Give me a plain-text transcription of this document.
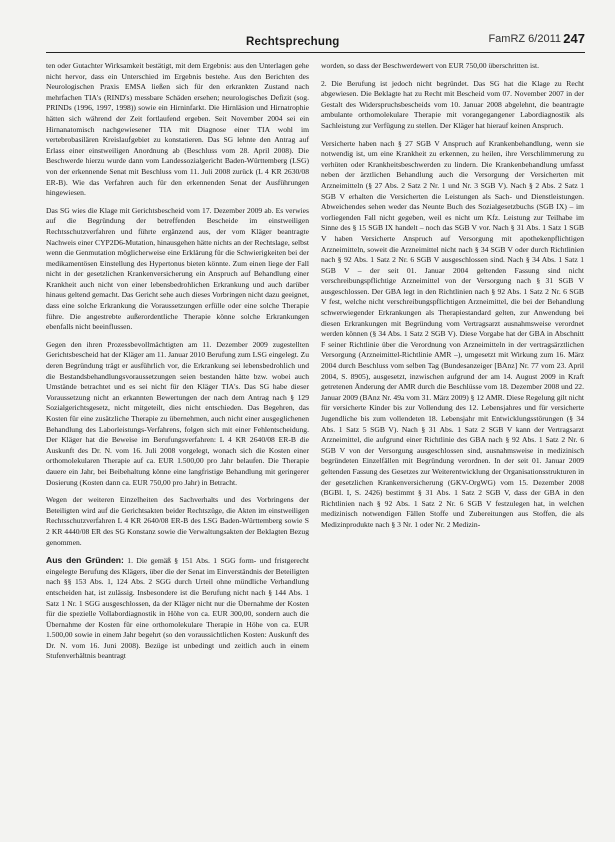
Rechtsprechung	FamRZ 6/2011 247

ten oder Gutachter Wirksamkeit bestätigt, mit dem Ergebnis: aus den Unterlagen gehe nicht hervor, dass ein Unterschied im Ergebnis bestehe. Aus den Berichten des Neurologischen Praxis EMSA ließen sich für den erkrankten Zustand nach mehrfachen TIA's (RIND's) messbare Schäden ersehen; neurologisches Defizit (sog. PRINDs (1996, 1997, 1998)) sowie ein Hirninfarkt. Die Hirnläsion und Hirnatrophie hätten sich während der Zeit fortlaufend ergeben. Seit November 2004 sei ein Hirnanatomisch nachgewiesener TIA mit Diagnose einer TIA wohl im vertebrobasilären Kreislaufgebiet zu konstatieren. Das SG lehnte den Antrag auf Erlass einer einstweiligen Anordnung ab (Beschluss vom 28. April 2008). Die Beschwerde hierzu wurde dann vom Landessozialgericht Baden-Württemberg (LSG) von der erkennende Senat mit Beschluss vom 11. Juli 2008 zurück (L 4 KR 2630/08 ER-B). Wie das Verfahren auch für den erkennenden Senat der Ausführungen hingewiesen.

Das SG wies die Klage mit Gerichtsbescheid vom 17. Dezember 2009 ab. Es verwies auf die Begründung der betreffenden Bescheide im einstweiligen Rechtsschutzverfahren und führte ergänzend aus, der vom Kläger beantragte Nachweis einer CYP2D6-Mutation, hinausgehen hätte nichts an der Rechtslage, selbst wenn die Genmutation möglicherweise eine Erklärung für die Schwierigkeiten bei der medikamentösen Einstellung des Hypertonus bieten könnte. Zum einen liege der Fall nicht in der gesetzlichen Krankenversicherung ein Anspruch auf Behandlung einer Krankheit auch nicht von einer lebensbedrohlichen Erkrankung und auch darüber hinaus geltend gemacht. Das Gericht sehe auch dieses Vorbringen nicht dazu geeignet, dass eine solche Erkrankung die Voraussetzungen erfülle oder eine solche Therapie führe. Die angestrebte außerordentliche Therapie könne solche Erkrankungen ebenfalls nicht beeinflussen.

Gegen den ihren Prozessbevollmächtigten am 11. Dezember 2009 zugestellten Gerichtsbescheid hat der Kläger am 11. Januar 2010 Berufung zum LSG eingelegt. Zu deren Begründung trägt er ausführlich vor, die Erkrankung sei lebensbedrohlich und die Bestandsbehandlungsvoraussetzungen seien bestanden hätte bzw. wobei auch Umstände betrachtet und es sei nicht für den Kläger TIA's. Das SG habe dieser Voraussetzung nicht an erkannten Bewertungen der nach dem Antrag nach § 129 Sozialgerichtsgesetz, nicht mitgeteilt, dies nicht entschieden. Das Begehren, das Kosten für eine zusätzliche Therapie zu übernehmen, auch nicht einer ausgeglichenen Behandlung des Laborleistungs-Verfahrens, folgen sich mit einer Fehlentscheidung. Der Kläger hat die Beweise im Berufungsverfahren: L 4 KR 2640/08 ER-B die Auskunft des Dr. N. vom 16. Juli 2008 vorgelegt, wonach sich die Kosten einer orthomolekularen Therapie auf ca. EUR 1.500,00 pro Jahr belaufen. Die Therapie dauere ein Jahr, bei Beibehaltung könne eine langfristige Behandlung mit geringerer Dosierung (Kosten dann ca. EUR 750,00 pro Jahr) in Betracht.

Wegen der weiteren Einzelheiten des Sachverhalts und des Vorbringens der Beteiligten wird auf die Gerichtsakten beider Rechtszüge, die Akten im einstweiligen Rechtsschutzverfahren L 4 KR 2640/08 ER-B des LSG Baden-Württemberg sowie S 2 KR 4440/08 ER des SG Konstanz sowie die Verwaltungsakten der Beklagten Bezug genommen.

Aus den Gründen: 1. Die gemäß § 151 Abs. 1 SGG form- und fristgerecht eingelegte Berufung des Klägers, über die der Senat im Einverständnis der Beteiligten nach §§ 153 Abs. 1, 124 Abs. 2 SGG durch Urteil ohne mündliche Verhandlung entscheiden hat, ist zulässig. Insbesondere ist die Berufung nicht nach § 144 Abs. 1 Satz 1 Nr. 1 SGG ausgeschlossen, da der Kläger nicht nur die Übernahme der Kosten für die spezielle Vollabordiagnostik in Höhe von ca. EUR 300,00, sondern auch die Übernahme der Kosten für eine orthomolekulare Therapie in Höhe von ca. EUR 1.500,00 sowie in einem Jahr begehrt (so den voraussichtlichen Kosten: Auskunft des Dr. N. vom 16. Juni 2008). Bezüge ist unbedingt und zeitlich auch in einem Stufenverhältnis beantragt

worden, so dass der Beschwerdewert von EUR 750,00 überschritten ist.

2. Die Berufung ist jedoch nicht begründet. Das SG hat die Klage zu Recht abgewiesen. Die Beklagte hat zu Recht mit Bescheid vom 07. November 2007 in der Gestalt des Widerspruchsbescheids vom 10. Januar 2008 abgelehnt, die beantragte ambulante orthomolekulare Therapie mit vorangegangener Labordiagnostik als Sachleistung zur Verfügung zu stellen. Der Kläger hat hierauf keinen Anspruch.

Versicherte haben nach § 27 SGB V Anspruch auf Krankenbehandlung, wenn sie notwendig ist, um eine Krankheit zu erkennen, zu heilen, ihre Verschlimmerung zu verhüten oder Krankheitsbeschwerden zu lindern. Die Krankenbehandlung umfasst neben der ärztlichen Behandlung auch die Versorgung der Versicherten mit Arzneimitteln (§ 27 Abs. 2 Satz 2 Nr. 1 und Nr. 3 SGB V). Nach § 2 Abs. 2 Satz 1 SGB V erhalten die Versicherten die Leistungen als Sach- und Dienstleistungen. Abweichendes sehen weder das Neunte Buch des Sozialgesetzbuchs (SGB IX) – im vorliegenden Fall nicht gegeben, weil es nicht um Kfz. Leistung zur Teilhabe im Sinne des § 15 SGB IX handelt – noch das SGB V vor. Nach § 31 Abs. 1 Satz 1 SGB V haben Versicherte Anspruch auf Versorgung mit apothekenpflichtigen Arzneimitteln, soweit die Arzneimittel nicht nach § 34 SGB V oder durch Richtlinien nach § 92 Abs. 1 Satz 2 Nr. 6 SGB V ausgeschlossen sind. Nach § 34 Abs. 1 Satz 1 SGB V – der seit 01. Januar 2004 geltenden Fassung sind nicht verschreibungspflichtige Arzneimittel von der Versorgung nach § 31 SGB V ausgeschlossen. Der GBA legt in den Richtlinien nach § 92 Abs. 1 Satz 2 Nr. 6 SGB V fest, welche nicht verschreibungspflichtigen Arzneimittel, die bei der Behandlung schwerwiegender Erkrankungen als Therapiestandard gelten, zur Anwendung bei diesen Erkrankungen mit Begründung vom Vertragsarzt ausnahmsweise verordnet werden können (§ 34 Abs. 1 Satz 2 SGB V). Diese Vorgabe hat der GBA in Abschnitt F seiner Richtlinie über die Verordnung von Arzneimitteln in der vertragsärztlichen Versorgung (Arzneimittel-Richtlinie AMR –), umgesetzt mit Wirkung zum 16. März 2004 durch Beschluss vom selben Tag (Bundesanzeiger [BAnz] Nr. 77 vom 23. April 2004, S. 8905), ausgesetzt, inzwischen aufgrund der am 14. August 2009 in Kraft getretenen Änderung der AMR durch die Beschlüsse vom 18. Dezember 2008 und 22. Januar 2009 (BAnz Nr. 49a vom 31. März 2009) § 12 AMR. Diese Regelung gilt nicht für versicherte Kinder bis zur Vollendung des 12. Lebensjahres und für versicherte Jugendliche bis zum vollendeten 18. Lebensjahr mit Entwicklungsstörungen (§ 34 Abs. 1 Satz 5 SGB V). Nach § 31 Abs. 1 Satz 2 SGB V kann der Vertragsarzt Arzneimittel, die aufgrund einer Richtlinie des GBA nach § 92 Abs. 1 Satz 2 Nr. 6 SGB V von der Versorgung ausgeschlossen sind, ausnahmsweise in medizinisch begründeten Einzelfällen mit Begründung verordnen. In der seit 01. Januar 2009 geltenden Fassung des Gesetzes zur Weiterentwicklung der Organisationsstrukturen in der gesetzlichen Krankenversicherung (GKV-OrgWG) vom 15. Dezember 2008 (BGBl. I, S. 2426) bestimmt § 31 Abs. 1 Satz 2 SGB V, dass der GBA in den Richtlinien nach § 92 Abs. 1 Satz 2 Nr. 6 SGB V festzulegen hat, in welchen medizinisch notwendigen Fällen Stoffe und Zubereitungen aus Stoffen, die als Medizinprodukte nach § 3 Nr. 1 oder Nr. 2 Medizin-
